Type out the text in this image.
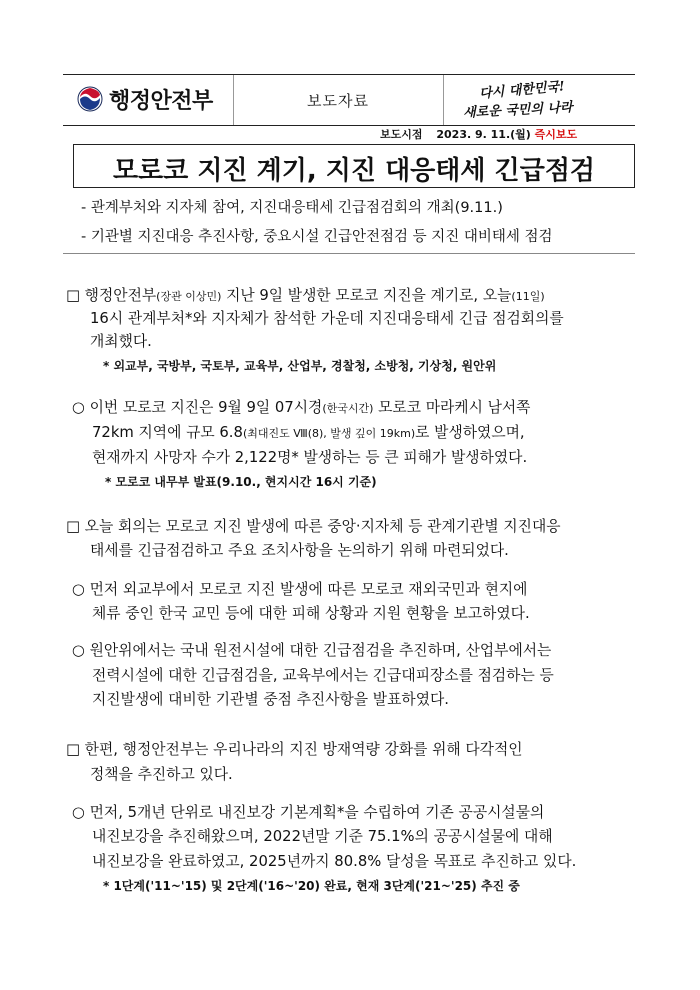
행정안전부	보도자료	다시 대한민국!
새로운 국민의 나라
보도시점 2023. 9. 11.(월) 즉시보도
모로코 지진 계기, 지진 대응태세 긴급점검
- 관계부처와 지자체 참여, 지진대응태세 긴급점검회의 개최(9.11.)
- 기관별 지진대응 추진사항, 중요시설 긴급안전점검 등 지진 대비태세 점검
□ 행정안전부(장관 이상민) 지난 9일 발생한 모로코 지진을 계기로, 오늘(11일)
16시 관계부처*와 지자체가 참석한 가운데 지진대응태세 긴급 점검회의를
개최했다.
* 외교부, 국방부, 국토부, 교육부, 산업부, 경찰청, 소방청, 기상청, 원안위
○ 이번 모로코 지진은 9월 9일 07시경(한국시간) 모로코 마라케시 남서쪽
72km 지역에 규모 6.8(최대진도 Ⅷ(8), 발생 깊이 19km)로 발생하였으며,
현재까지 사망자 수가 2,122명* 발생하는 등 큰 피해가 발생하였다.
* 모로코 내무부 발표(9.10., 현지시간 16시 기준)
□ 오늘 회의는 모로코 지진 발생에 따른 중앙·지자체 등 관계기관별 지진대응
태세를 긴급점검하고 주요 조치사항을 논의하기 위해 마련되었다.
○ 먼저 외교부에서 모로코 지진 발생에 따른 모로코 재외국민과 현지에
체류 중인 한국 교민 등에 대한 피해 상황과 지원 현황을 보고하였다.
○ 원안위에서는 국내 원전시설에 대한 긴급점검을 추진하며, 산업부에서는
전력시설에 대한 긴급점검을, 교육부에서는 긴급대피장소를 점검하는 등
지진발생에 대비한 기관별 중점 추진사항을 발표하였다.
□ 한편, 행정안전부는 우리나라의 지진 방재역량 강화를 위해 다각적인
정책을 추진하고 있다.
○ 먼저, 5개년 단위로 내진보강 기본계획*을 수립하여 기존 공공시설물의
내진보강을 추진해왔으며, 2022년말 기준 75.1%의 공공시설물에 대해
내진보강을 완료하였고, 2025년까지 80.8% 달성을 목표로 추진하고 있다.
* 1단계('11~'15) 및 2단계('16~'20) 완료, 현재 3단계('21~'25) 추진 중
